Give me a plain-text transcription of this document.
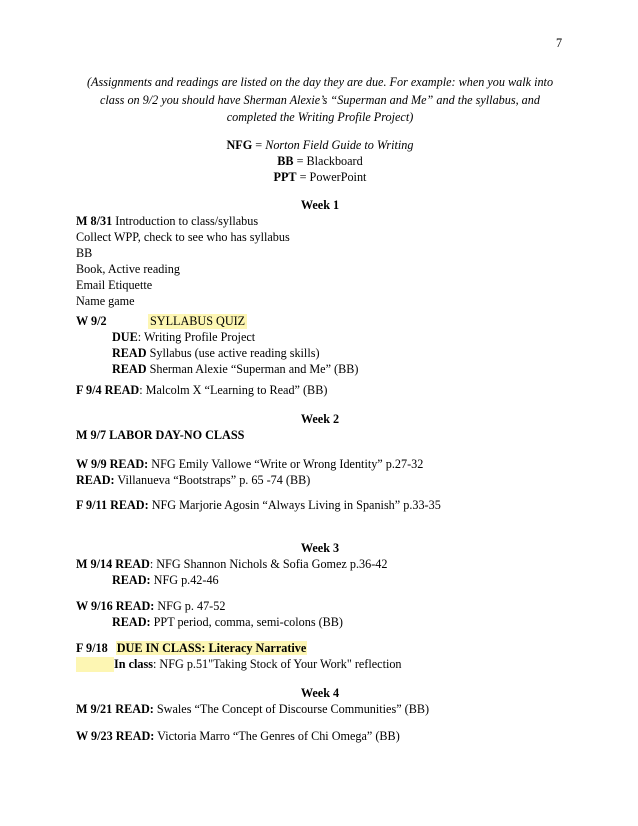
7
(Assignments and readings are listed on the day they are due. For example: when you walk into
class on 9/2 you should have Sherman Alexie’s “Superman and Me” and the syllabus, and
completed the Writing Profile Project)
NFG = Norton Field Guide to Writing
BB = Blackboard
PPT = PowerPoint
Week 1
M 8/31 Introduction to class/syllabus
Collect WPP, check to see who has syllabus
BB
Book, Active reading
Email Etiquette
Name game
W 9/2	SYLLABUS QUIZ
DUE: Writing Profile Project
READ Syllabus (use active reading skills)
READ Sherman Alexie “Superman and Me” (BB)
F 9/4 READ: Malcolm X “Learning to Read” (BB)
Week 2
M 9/7 LABOR DAY-NO CLASS
W 9/9 READ: NFG Emily Vallowe “Write or Wrong Identity” p.27-32
READ: Villanueva “Bootstraps” p. 65 -74 (BB)
F 9/11 READ: NFG Marjorie Agosin “Always Living in Spanish” p.33-35
Week 3
M 9/14 READ: NFG Shannon Nichols & Sofia Gomez p.36-42
READ: NFG p.42-46
W 9/16 READ: NFG p. 47-52
READ: PPT period, comma, semi-colons (BB)
F 9/18 DUE IN CLASS: Literacy Narrative
In class: NFG p.51"Taking Stock of Your Work" reflection
Week 4
M 9/21 READ: Swales “The Concept of Discourse Communities” (BB)
W 9/23 READ: Victoria Marro “The Genres of Chi Omega” (BB)
